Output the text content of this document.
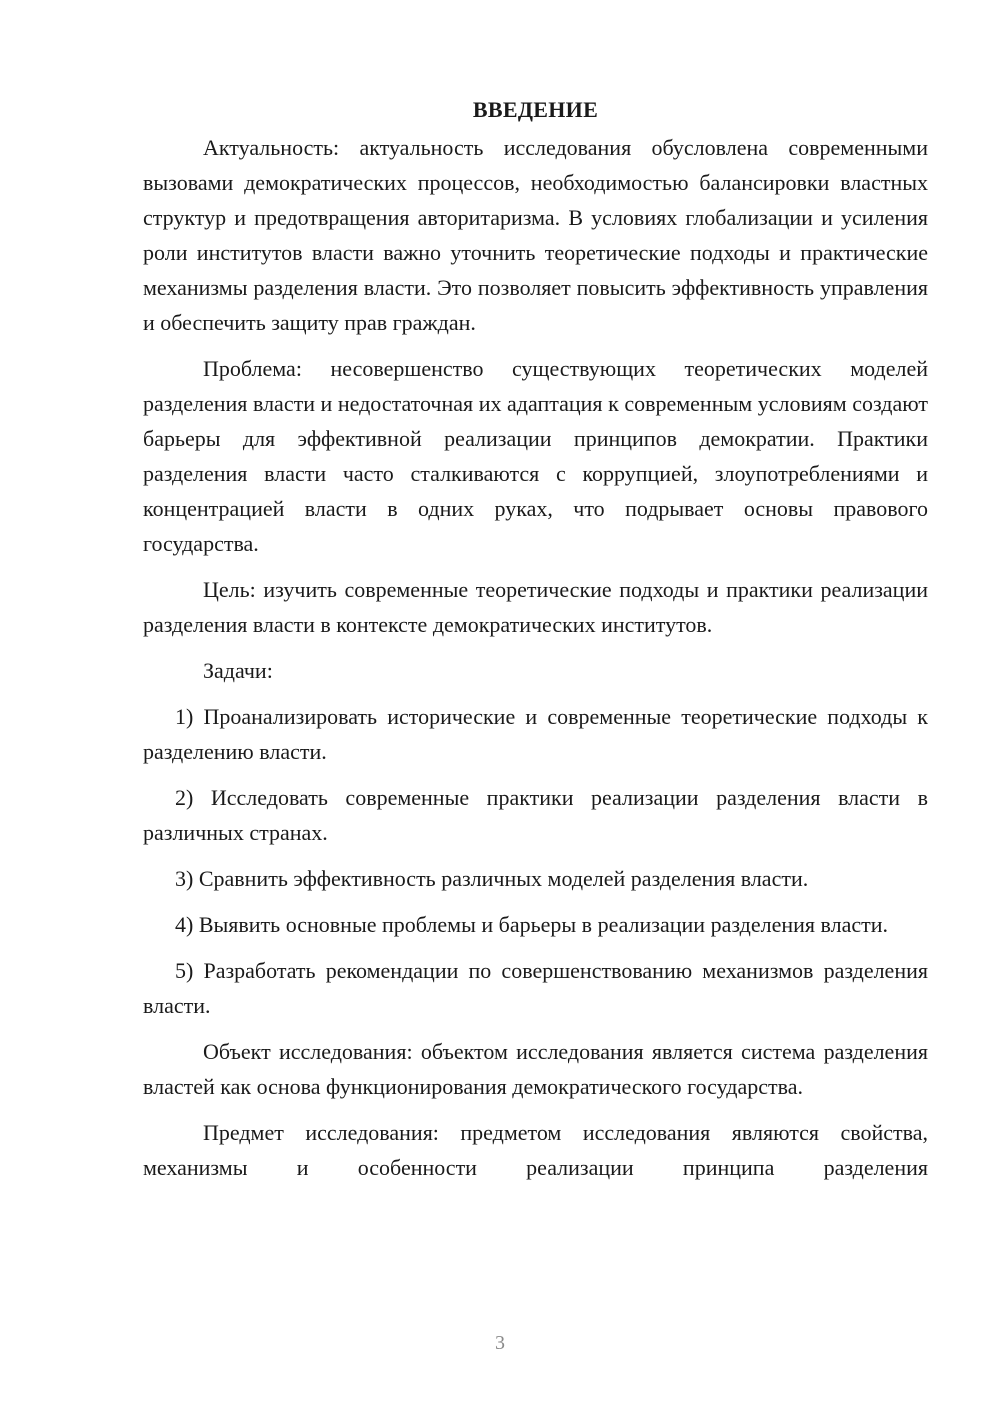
ВВЕДЕНИЕ

Актуальность: актуальность исследования обусловлена современными вызовами демократических процессов, необходимостью балансировки властных структур и предотвращения авторитаризма. В условиях глобализации и усиления роли институтов власти важно уточнить теоретические подходы и практические механизмы разделения власти. Это позволяет повысить эффективность управления и обеспечить защиту прав граждан.

Проблема: несовершенство существующих теоретических моделей разделения власти и недостаточная их адаптация к современным условиям создают барьеры для эффективной реализации принципов демократии. Практики разделения власти часто сталкиваются с коррупцией, злоупотреблениями и концентрацией власти в одних руках, что подрывает основы правового государства.

Цель: изучить современные теоретические подходы и практики реализации разделения власти в контексте демократических институтов.

Задачи:

1) Проанализировать исторические и современные теоретические подходы к разделению власти.

2) Исследовать современные практики реализации разделения власти в различных странах.

3) Сравнить эффективность различных моделей разделения власти.

4) Выявить основные проблемы и барьеры в реализации разделения власти.

5) Разработать рекомендации по совершенствованию механизмов разделения власти.

Объект исследования: объектом исследования является система разделения властей как основа функционирования демократического государства.

Предмет исследования: предметом исследования являются свойства, механизмы и особенности реализации принципа разделения

3
